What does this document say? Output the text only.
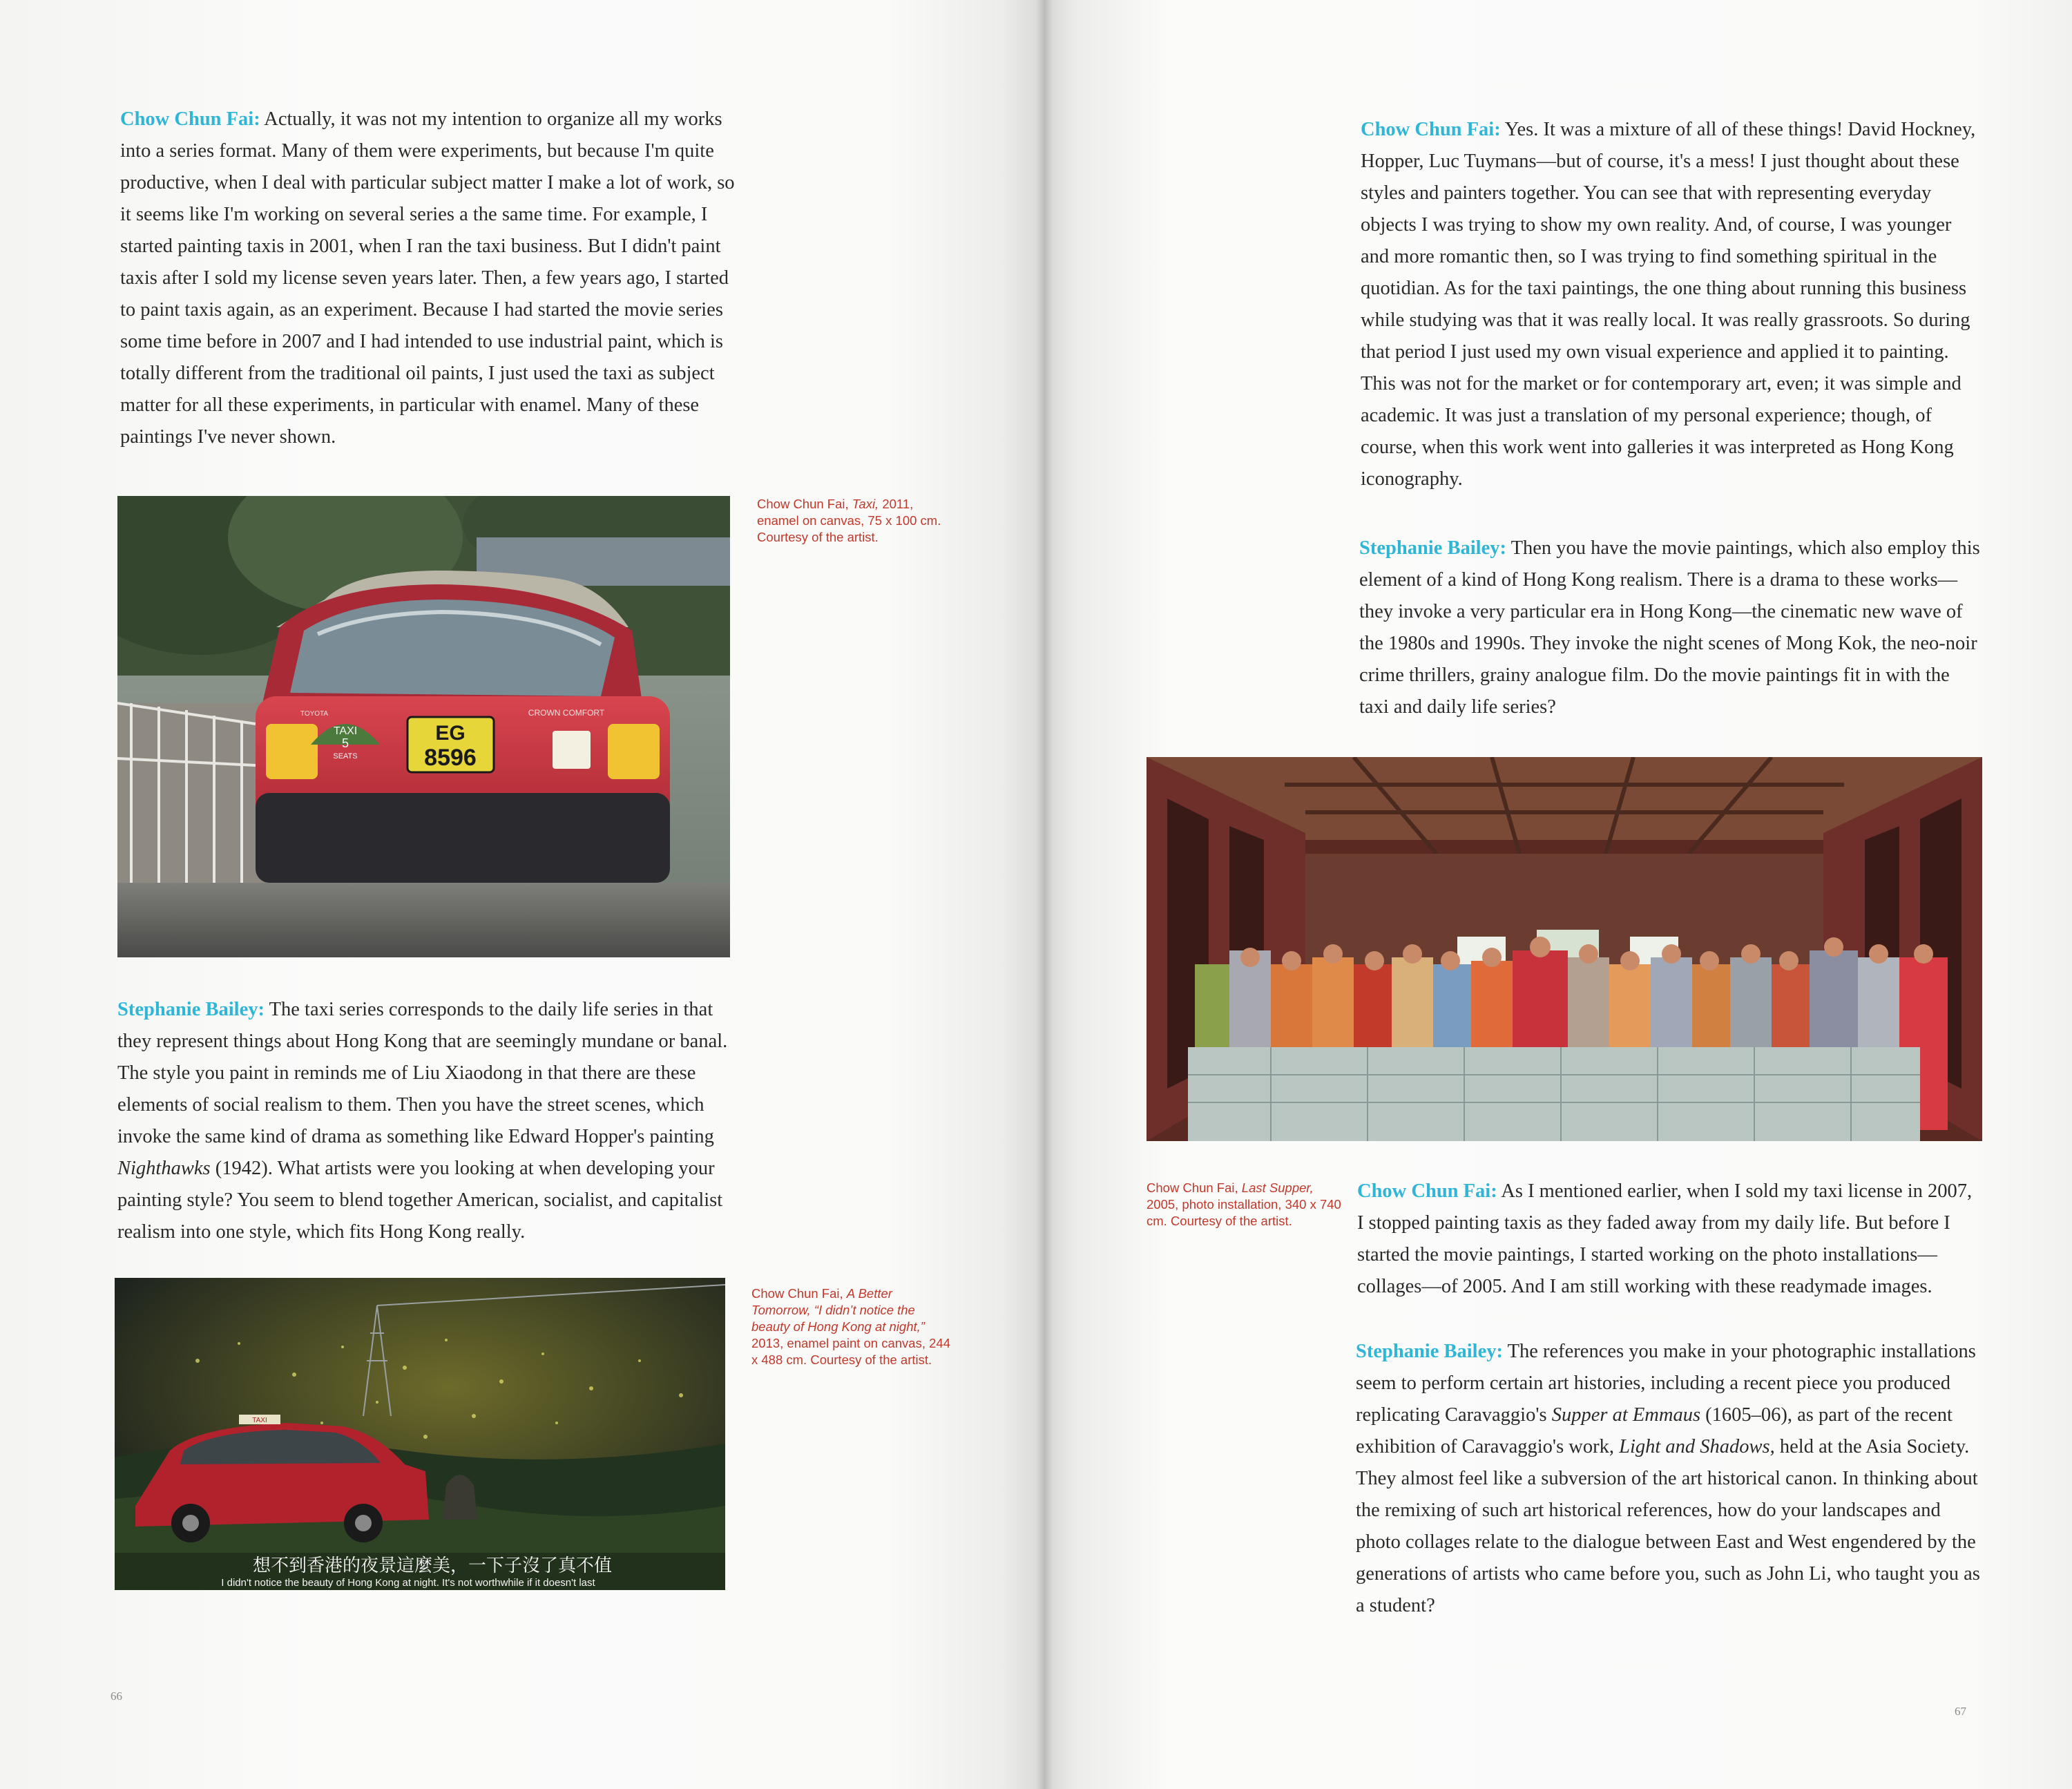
Chow Chun Fai: Actually, it was not my intention to organize all my works into a series format. Many of them were experiments, but because I'm quite productive, when I deal with particular subject matter I make a lot of work, so it seems like I'm working on several series a the same time. For example, I started painting taxis in 2001, when I ran the taxi business. But I didn't paint taxis after I sold my license seven years later. Then, a few years ago, I started to paint taxis again, as an experiment. Because I had started the movie series some time before in 2007 and I had intended to use industrial paint, which is totally different from the traditional oil paints, I just used the taxi as subject matter for all these experiments, in particular with enamel. Many of these paintings I've never shown.

TAXI
5
SEATS
EG
8596
TOYOTA	CROWN COMFORT

Chow Chun Fai, Taxi, 2011, enamel on canvas, 75 x 100 cm. Courtesy of the artist.

Stephanie Bailey: The taxi series corresponds to the daily life series in that they represent things about Hong Kong that are seemingly mundane or banal. The style you paint in reminds me of Liu Xiaodong in that there are these elements of social realism to them. Then you have the street scenes, which invoke the same kind of drama as something like Edward Hopper's painting Nighthawks (1942). What artists were you looking at when developing your painting style? You seem to blend together American, socialist, and capitalist realism into one style, which fits Hong Kong really.

TAXI
想不到香港的夜景這麼美，一下子沒了真不值
I didn't notice the beauty of Hong Kong at night. It's not worthwhile if it doesn't last

Chow Chun Fai, A Better Tomorrow, “I didn’t notice the beauty of Hong Kong at night,” 2013, enamel paint on canvas, 244 x 488 cm. Courtesy of the artist.

66

Chow Chun Fai: Yes. It was a mixture of all of these things! David Hockney, Hopper, Luc Tuymans—but of course, it's a mess! I just thought about these styles and painters together. You can see that with representing everyday objects I was trying to show my own reality. And, of course, I was younger and more romantic then, so I was trying to find something spiritual in the quotidian. As for the taxi paintings, the one thing about running this business while studying was that it was really local. It was really grassroots. So during that period I just used my own visual experience and applied it to painting. This was not for the market or for contemporary art, even; it was simple and academic. It was just a translation of my personal experience; though, of course, when this work went into galleries it was interpreted as Hong Kong iconography.

Stephanie Bailey: Then you have the movie paintings, which also employ this element of a kind of Hong Kong realism. There is a drama to these works—they invoke a very particular era in Hong Kong—the cinematic new wave of the 1980s and 1990s. They invoke the night scenes of Mong Kok, the neo-noir crime thrillers, grainy analogue film. Do the movie paintings fit in with the taxi and daily life series?

Chow Chun Fai, Last Supper, 2005, photo installation, 340 x 740 cm. Courtesy of the artist.

Chow Chun Fai: As I mentioned earlier, when I sold my taxi license in 2007, I stopped painting taxis as they faded away from my daily life. But before I started the movie paintings, I started working on the photo installations—collages—of 2005. And I am still working with these readymade images.

Stephanie Bailey: The references you make in your photographic installations seem to perform certain art histories, including a recent piece you produced replicating Caravaggio's Supper at Emmaus (1605–06), as part of the recent exhibition of Caravaggio's work, Light and Shadows, held at the Asia Society. They almost feel like a subversion of the art historical canon. In thinking about the remixing of such art historical references, how do your landscapes and photo collages relate to the dialogue between East and West engendered by the generations of artists who came before you, such as John Li, who taught you as a student?

67
